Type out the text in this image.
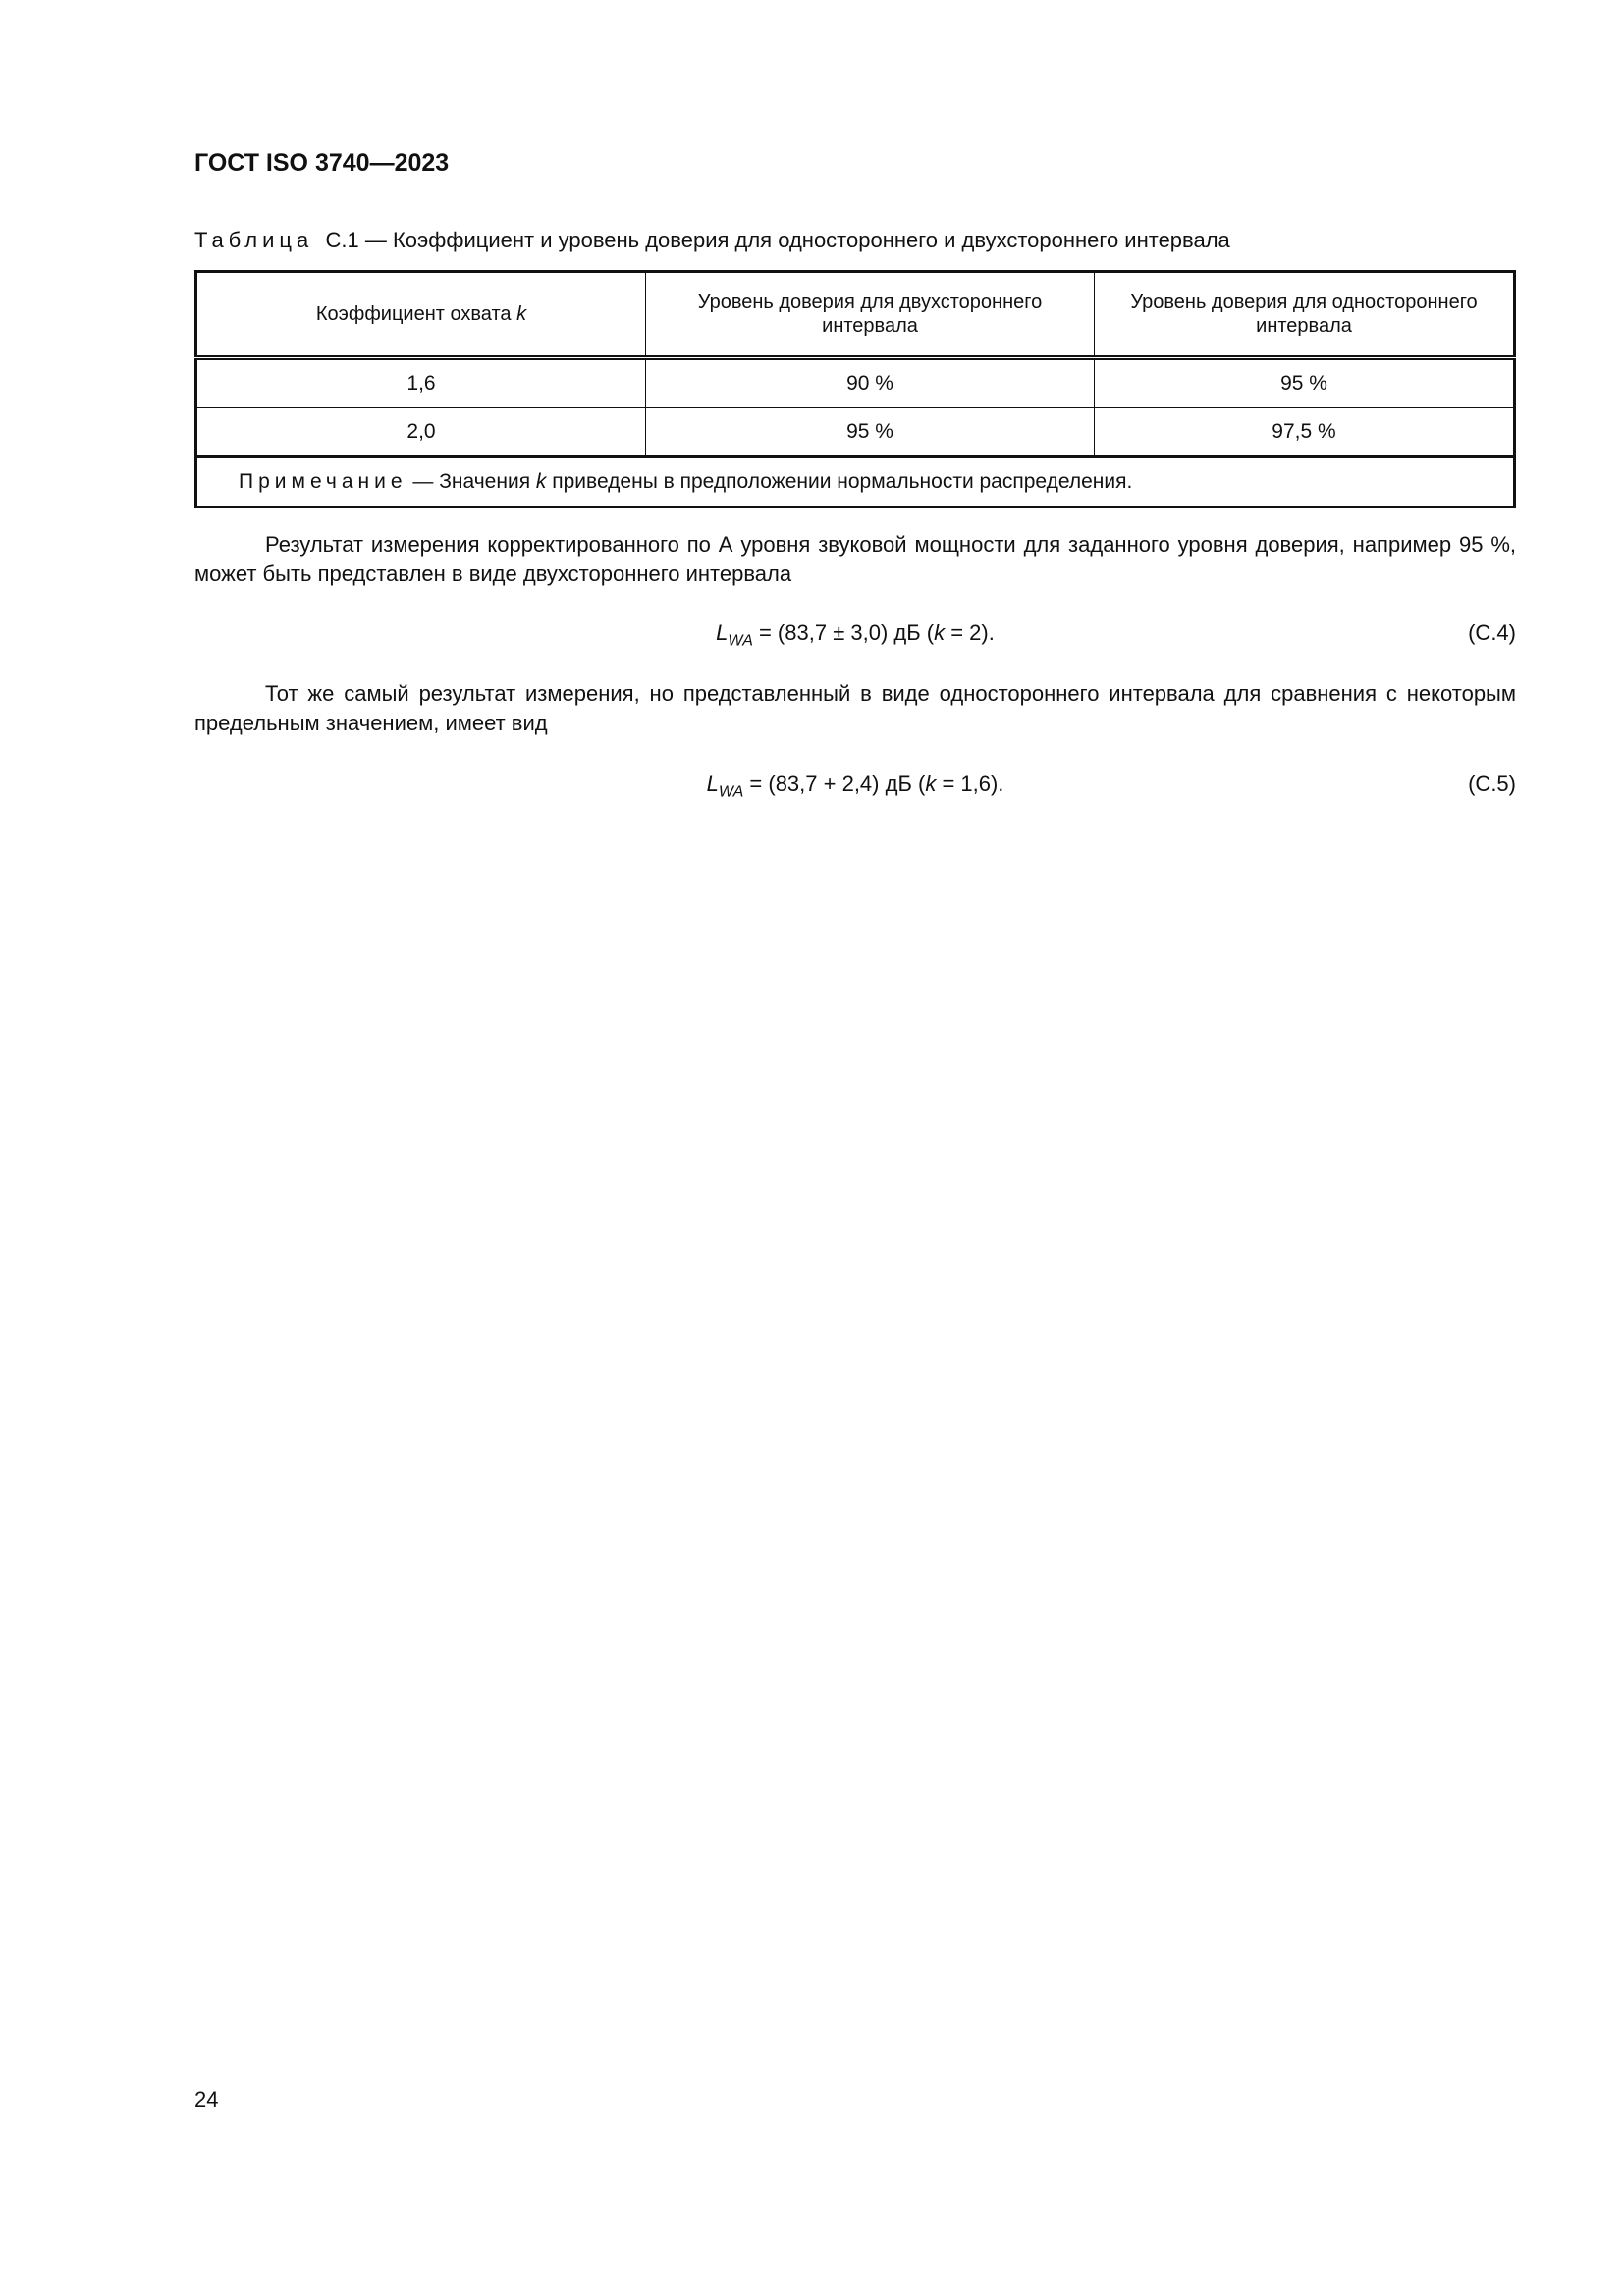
ГОСТ ISO 3740—2023
Таблица С.1 — Коэффициент и уровень доверия для одностороннего и двухстороннего интервала
Коэффициент охвата k	Уровень доверия для двухстороннего интервала	Уровень доверия для одностороннего интервала
1,6	90 %	95 %
2,0	95 %	97,5 %
Примечание — Значения k приведены в предположении нормальности распределения.		
Результат измерения корректированного по А уровня звуковой мощности для заданного уровня доверия, например 95 %, может быть представлен в виде двухстороннего интервала
$L_{WA} = (83,7 \pm 3,0)$ дБ (k = 2).	(C.4)
Тот же самый результат измерения, но представленный в виде одностороннего интервала для сравнения с некоторым предельным значением, имеет вид
$L_{WA} = (83,7 + 2,4)$ дБ (k = 1,6).	(C.5)
24
